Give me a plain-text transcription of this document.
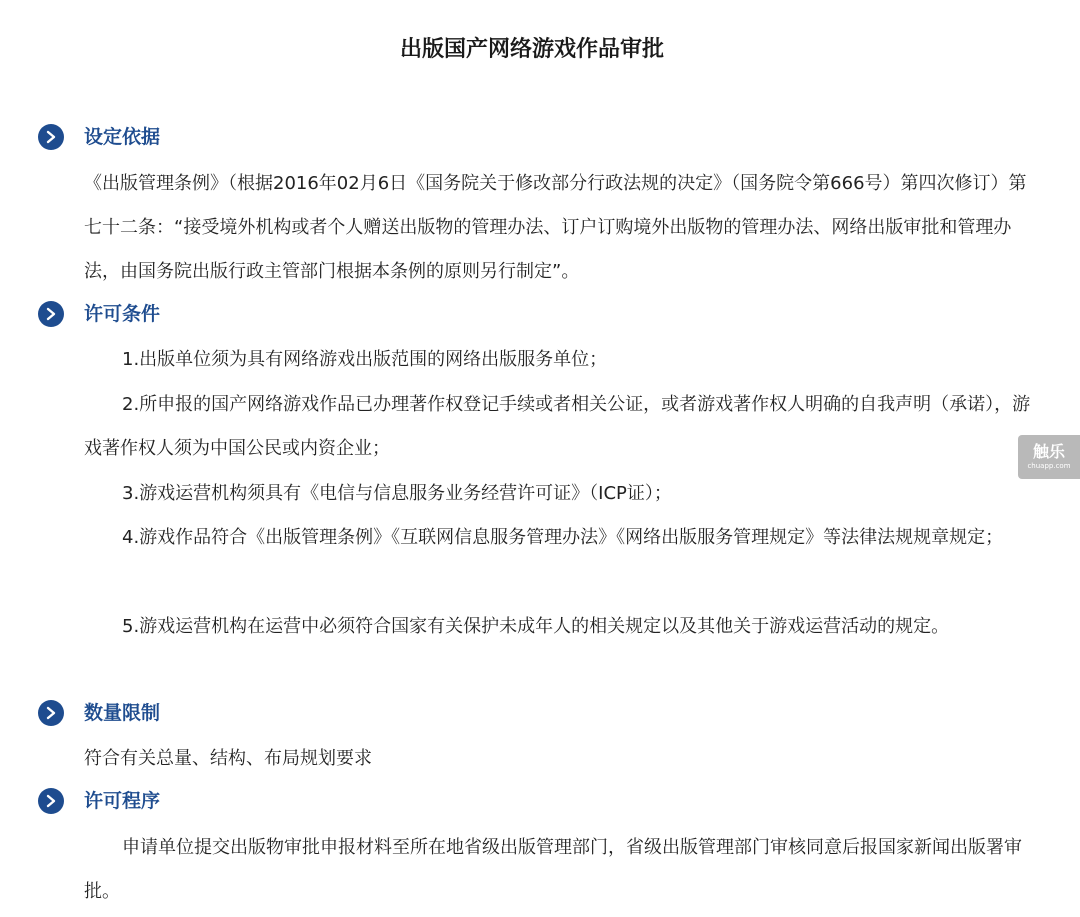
出版国产网络游戏作品审批
设定依据

《出版管理条例》（根据2016年02月6日《国务院关于修改部分行政法规的决定》（国务院令第666号）第四次修订）第七十二条：“接受境外机构或者个人赠送出版物的管理办法、订户订购境外出版物的管理办法、网络出版审批和管理办法，由国务院出版行政主管部门根据本条例的原则另行制定”。

许可条件

1.出版单位须为具有网络游戏出版范围的网络出版服务单位；

2.所申报的国产网络游戏作品已办理著作权登记手续或者相关公证，或者游戏著作权人明确的自我声明（承诺），游戏著作权人须为中国公民或内资企业；

3.游戏运营机构须具有《电信与信息服务业务经营许可证》（ICP证）；

4.游戏作品符合《出版管理条例》《互联网信息服务管理办法》《网络出版服务管理规定》等法律法规规章规定；

5.游戏运营机构在运营中必须符合国家有关保护未成年人的相关规定以及其他关于游戏运营活动的规定。

数量限制

符合有关总量、结构、布局规划要求

许可程序

申请单位提交出版物审批申报材料至所在地省级出版管理部门，省级出版管理部门审核同意后报国家新闻出版署审批。

触乐
chuapp.com
